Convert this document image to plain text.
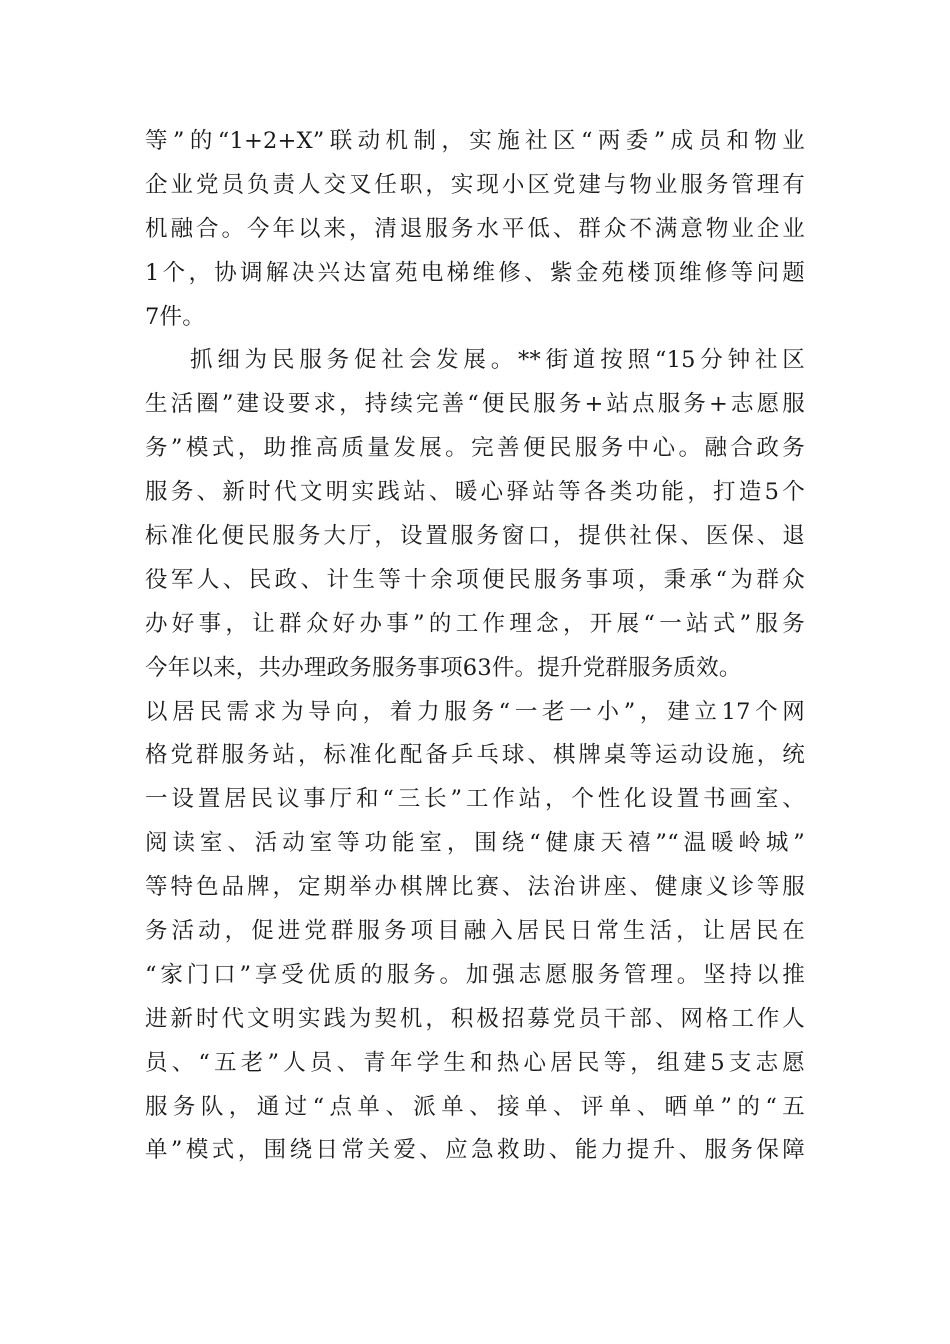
等”的“1+2+X”联动机制，实施社区“两委”成员和物业
企业党员负责人交叉任职，实现小区党建与物业服务管理有
机融合。今年以来，清退服务水平低、群众不满意物业企业
1个，协调解决兴达富苑电梯维修、紫金苑楼顶维修等问题
7件。
抓细为民服务促社会发展。**街道按照“15分钟社区
生活圈”建设要求，持续完善“便民服务+站点服务+志愿服
务”模式，助推高质量发展。完善便民服务中心。融合政务
服务、新时代文明实践站、暖心驿站等各类功能，打造5个
标准化便民服务大厅，设置服务窗口，提供社保、医保、退
役军人、民政、计生等十余项便民服务事项，秉承“为群众
办好事，让群众好办事”的工作理念，开展“一站式”服务
今年以来，共办理政务服务事项63件。提升党群服务质效。
以居民需求为导向，着力服务“一老一小”，建立17个网
格党群服务站，标准化配备乒乓球、棋牌桌等运动设施，统
一设置居民议事厅和“三长”工作站，个性化设置书画室、
阅读室、活动室等功能室，围绕“健康天禧”“温暖岭城”
等特色品牌，定期举办棋牌比赛、法治讲座、健康义诊等服
务活动，促进党群服务项目融入居民日常生活，让居民在
“家门口”享受优质的服务。加强志愿服务管理。坚持以推
进新时代文明实践为契机，积极招募党员干部、网格工作人
员、“五老”人员、青年学生和热心居民等，组建5支志愿
服务队，通过“点单、派单、接单、评单、晒单”的“五
单”模式，围绕日常关爱、应急救助、能力提升、服务保障
